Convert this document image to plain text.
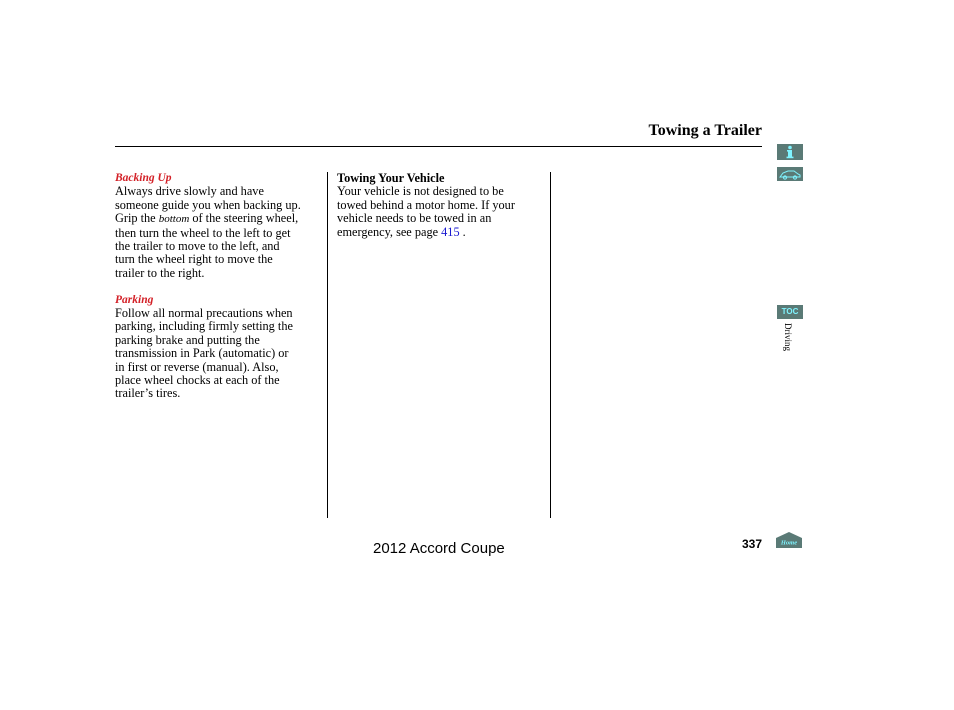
Towing a Trailer
Backing Up

Always drive slowly and have

someone guide you when backing up.

Grip the bottom of the steering wheel,

then turn the wheel to the left to get

the trailer to move to the left, and

turn the wheel right to move the

trailer to the right.

Parking

Follow all normal precautions when

parking, including firmly setting the

parking brake and putting the

transmission in Park (automatic) or

in first or reverse (manual). Also,

place wheel chocks at each of the

trailer’s tires.

Towing Your Vehicle

Your vehicle is not designed to be

towed behind a motor home. If your

vehicle needs to be towed in an

emergency, see page 415 .

TOC
Driving
Home
2012 Accord Coupe	337
